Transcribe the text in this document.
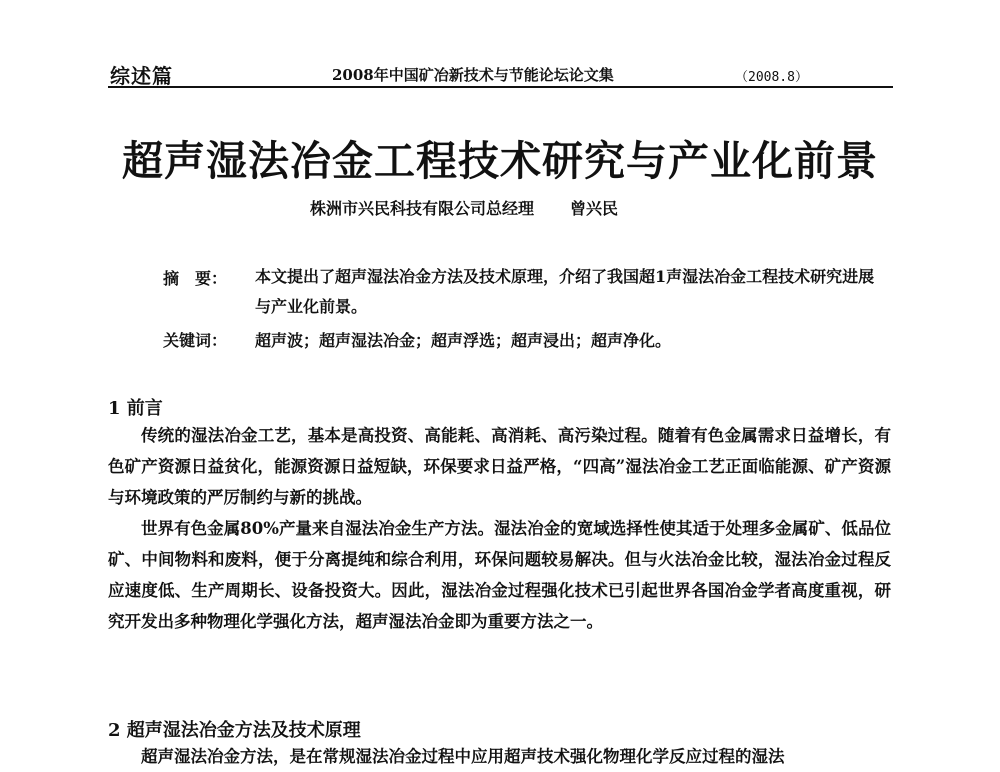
综述篇	2008年中国矿冶新技术与节能论坛论文集	（2008.8）
超声湿法冶金工程技术研究与产业化前景
株洲市兴民科技有限公司总经理 曾兴民
摘　要： 本文提出了超声湿法冶金方法及技术原理，介绍了我国超1声湿法冶金工程技术研究进展与产业化前景。
关键词： 超声波；超声湿法冶金；超声浮选；超声浸出；超声净化。
1 前言

传统的湿法冶金工艺，基本是高投资、高能耗、高消耗、高污染过程。随着有色金属需求日益增长，有色矿产资源日益贫化，能源资源日益短缺，环保要求日益严格，“四高”湿法冶金工艺正面临能源、矿产资源与环境政策的严厉制约与新的挑战。

世界有色金属80%产量来自湿法冶金生产方法。湿法冶金的宽域选择性使其适于处理多金属矿、低品位矿、中间物料和废料，便于分离提纯和综合利用，环保问题较易解决。但与火法冶金比较，湿法冶金过程反应速度低、生产周期长、设备投资大。因此，湿法冶金过程强化技术已引起世界各国冶金学者高度重视，研究开发出多种物理化学强化方法，超声湿法冶金即为重要方法之一。

2 超声湿法冶金方法及技术原理

超声湿法冶金方法，是在常规湿法冶金过程中应用超声技术强化物理化学反应过程的湿法
